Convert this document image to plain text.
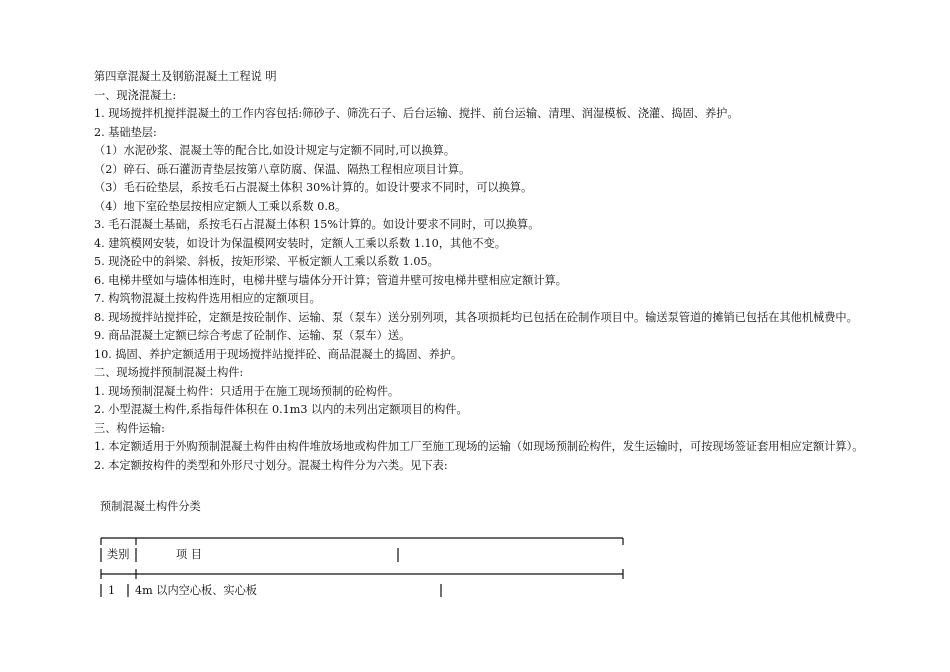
第四章混凝土及钢筋混凝土工程说 明
一、现浇混凝土:
1. 现场搅拌机搅拌混凝土的工作内容包括:筛砂子、筛洗石子、后台运输、搅拌、前台运输、清理、润湿模板、浇灌、捣固、养护。
2. 基础垫层:
（1）水泥砂浆、混凝土等的配合比,如设计规定与定额不同时,可以换算。
（2）碎石、砾石灌沥青垫层按第八章防腐、保温、隔热工程相应项目计算。
（3）毛石砼垫层，系按毛石占混凝土体积 30%计算的。如设计要求不同时，可以换算。
（4）地下室砼垫层按相应定额人工乘以系数 0.8。
3. 毛石混凝土基础，系按毛石占混凝土体积 15%计算的。如设计要求不同时，可以换算。
4. 建筑模网安装，如设计为保温模网安装时，定额人工乘以系数 1.10，其他不变。
5. 现浇砼中的斜梁、斜板，按矩形梁、平板定额人工乘以系数 1.05。
6. 电梯井壁如与墙体相连时，电梯井壁与墙体分开计算；管道井壁可按电梯井壁相应定额计算。
7. 构筑物混凝土按构件选用相应的定额项目。
8. 现场搅拌站搅拌砼，定额是按砼制作、运输、泵（泵车）送分别列项，其各项损耗均已包括在砼制作项目中。输送泵管道的摊销已包括在其他机械费中。
9. 商品混凝土定额已综合考虑了砼制作、运输、泵（泵车）送。
10. 捣固、养护定额适用于现场搅拌站搅拌砼、商品混凝土的捣固、养护。
二、现场搅拌预制混凝土构件:
1. 现场预制混凝土构件：只适用于在施工现场预制的砼构件。
2. 小型混凝土构件,系指每件体积在 0.1m3 以内的未列出定额项目的构件。
三、构件运输:
1. 本定额适用于外购预制混凝土构件由构件堆放场地或构件加工厂至施工现场的运输（如现场预制砼构件，发生运输时，可按现场签证套用相应定额计算）。
2. 本定额按构件的类型和外形尺寸划分。混凝土构件分为六类。见下表:
预制混凝土构件分类
类别	项 目
1 4m 以内空心板、实心板
